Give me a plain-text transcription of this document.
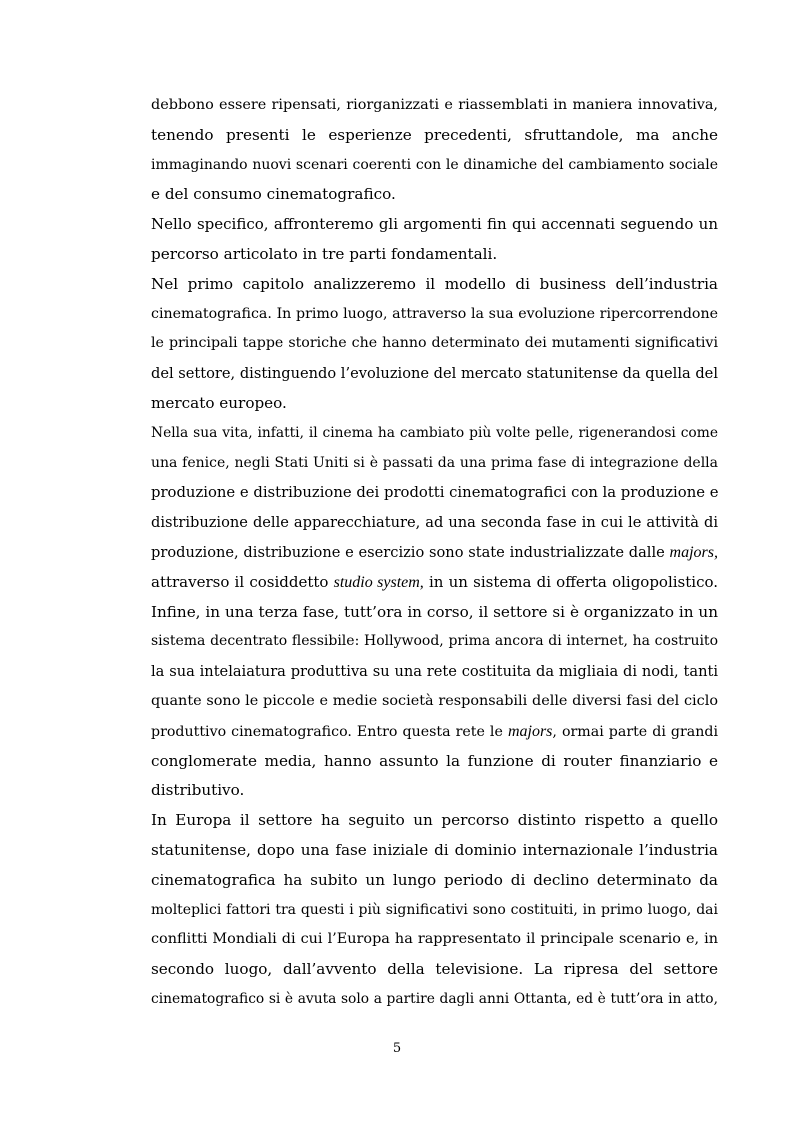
debbono essere ripensati, riorganizzati e riassemblati in maniera innovativa,
tenendo presenti le esperienze precedenti, sfruttandole, ma anche
immaginando nuovi scenari coerenti con le dinamiche del cambiamento sociale
e del consumo cinematografico.
Nello specifico, affronteremo gli argomenti fin qui accennati seguendo un
percorso articolato in tre parti fondamentali.
Nel primo capitolo analizzeremo il modello di business dell’industria
cinematografica. In primo luogo, attraverso la sua evoluzione ripercorrendone
le principali tappe storiche che hanno determinato dei mutamenti significativi
del settore, distinguendo l’evoluzione del mercato statunitense da quella del
mercato europeo.
Nella sua vita, infatti, il cinema ha cambiato più volte pelle, rigenerandosi come
una fenice, negli Stati Uniti si è passati da una prima fase di integrazione della
produzione e distribuzione dei prodotti cinematografici con la produzione e
distribuzione delle apparecchiature, ad una seconda fase in cui le attività di
produzione, distribuzione e esercizio sono state industrializzate dalle majors,
attraverso il cosiddetto studio system, in un sistema di offerta oligopolistico.
Infine, in una terza fase, tutt’ora in corso, il settore si è organizzato in un
sistema decentrato flessibile: Hollywood, prima ancora di internet, ha costruito
la sua intelaiatura produttiva su una rete costituita da migliaia di nodi, tanti
quante sono le piccole e medie società responsabili delle diversi fasi del ciclo
produttivo cinematografico. Entro questa rete le majors, ormai parte di grandi
conglomerate media, hanno assunto la funzione di router finanziario e
distributivo.
In Europa il settore ha seguito un percorso distinto rispetto a quello
statunitense, dopo una fase iniziale di dominio internazionale l’industria
cinematografica ha subito un lungo periodo di declino determinato da
molteplici fattori tra questi i più significativi sono costituiti, in primo luogo, dai
conflitti Mondiali di cui l’Europa ha rappresentato il principale scenario e, in
secondo luogo, dall’avvento della televisione. La ripresa del settore
cinematografico si è avuta solo a partire dagli anni Ottanta, ed è tutt’ora in atto,
5
